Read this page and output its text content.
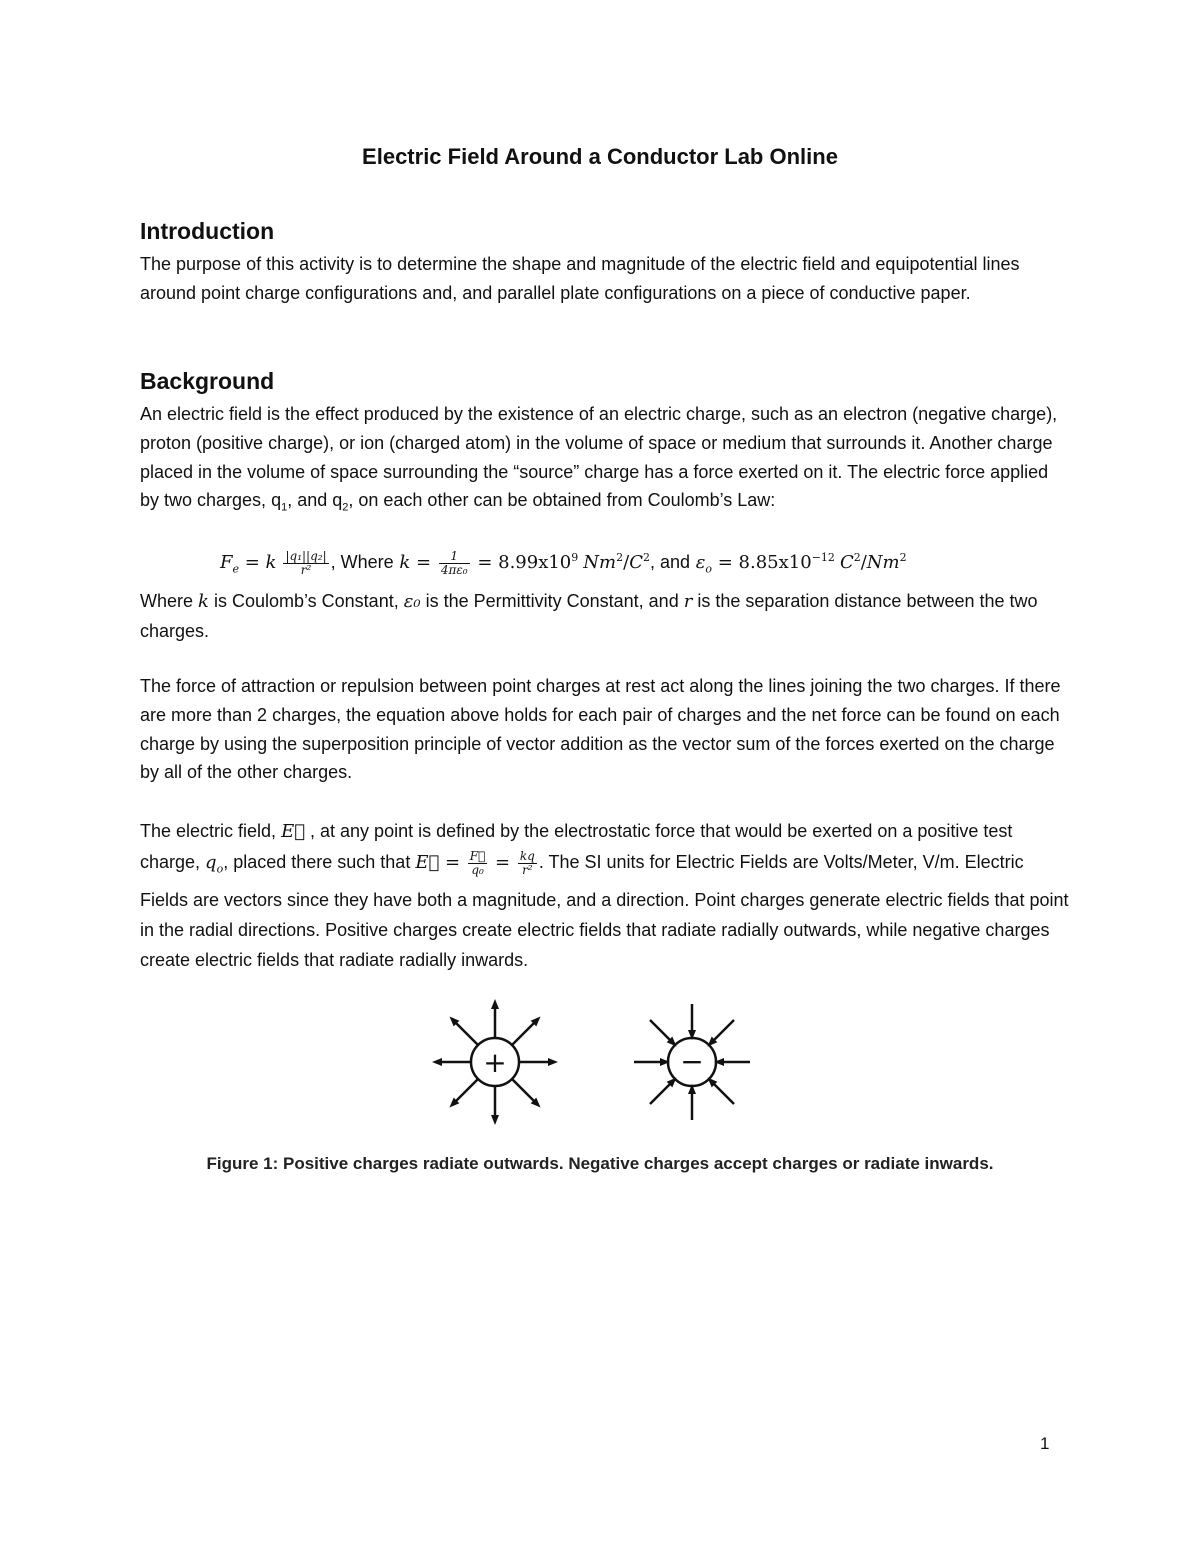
Electric Field Around a Conductor Lab Online
Introduction
The purpose of this activity is to determine the shape and magnitude of the electric field and equipotential lines around point charge configurations and, and parallel plate configurations on a piece of conductive paper.
Background
An electric field is the effect produced by the existence of an electric charge, such as an electron (negative charge), proton (positive charge), or ion (charged atom) in the volume of space or medium that surrounds it. Another charge placed in the volume of space surrounding the “source” charge has a force exerted on it. The electric force applied by two charges, $q_1$, and $q_2$, on each other can be obtained from Coulomb’s Law:
$F_e = k \frac{\text{|q₁||q₂|}}{\text{r²}}$ , Where $k = \frac{1}{\text{4πε₀}} = 8.99x10^9$ $Nm^2/C^2$, and $\varepsilon_o = 8.85x10^{-12}$ $C^2/Nm^2$
Where k is Coulomb’s Constant, ε₀ is the Permittivity Constant, and r is the separation distance between the two charges.
The force of attraction or repulsion between point charges at rest act along the lines joining the two charges. If there are more than 2 charges, the equation above holds for each pair of charges and the net force can be found on each charge by using the superposition principle of vector addition as the vector sum of the forces exerted on the charge by all of the other charges.
The electric field, E⃗ , at any point is defined by the electrostatic force that would be exerted on a positive test charge, $q_o$, placed there such that E⃗ = $\frac{F⃗}{\text{q₀}} = \frac{kq}{\text{r²}}$ . The SI units for Electric Fields are Volts/Meter, V/m. Electric Fields are vectors since they have both a magnitude, and a direction. Point charges generate electric fields that point in the radial directions. Positive charges create electric fields that radiate radially outwards, while negative charges create electric fields that radiate radially inwards.
+	−
Figure 1: Positive charges radiate outwards. Negative charges accept charges or radiate inwards.
1
